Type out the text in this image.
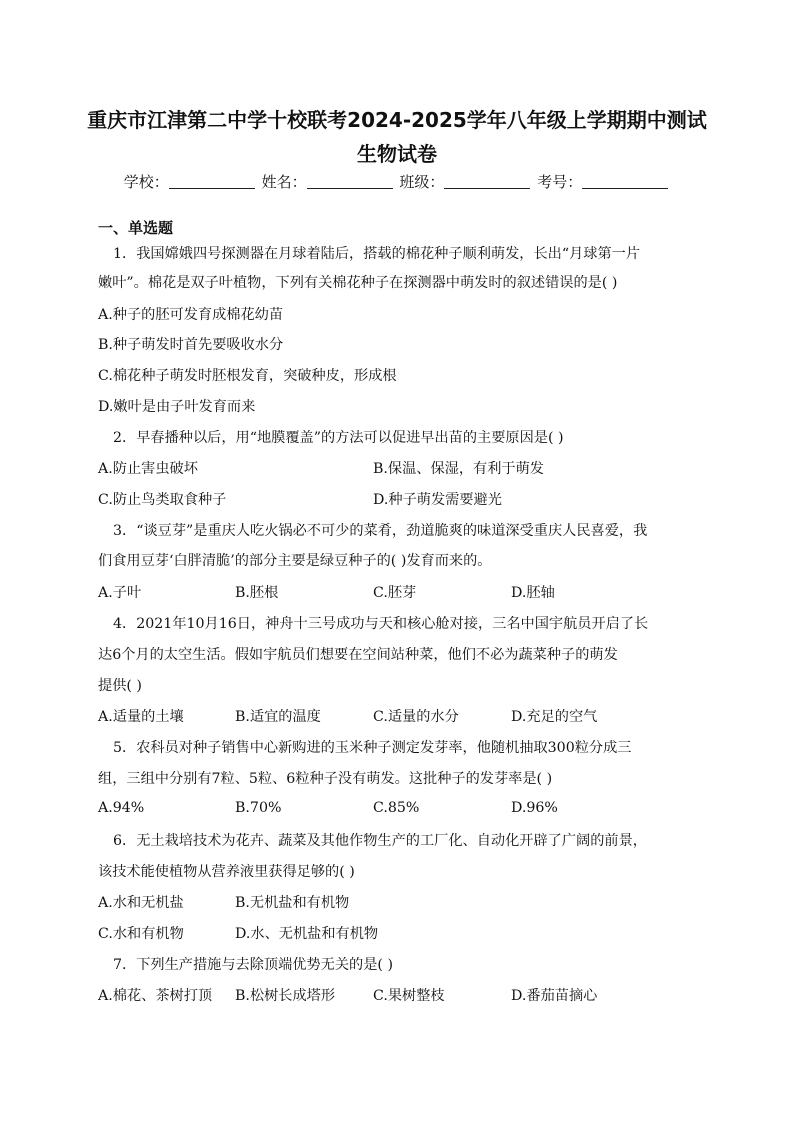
重庆市江津第二中学十校联考2024-2025学年八年级上学期期中测试
生物试卷
学校：	姓名：	班级：	考号：
一、单选题
1．我国嫦娥四号探测器在月球着陆后，搭载的棉花种子顺利萌发，长出“月球第一片
嫩叶”。棉花是双子叶植物，下列有关棉花种子在探测器中萌发时的叙述错误的是( )
A.种子的胚可发育成棉花幼苗
B.种子萌发时首先要吸收水分
C.棉花种子萌发时胚根发育，突破种皮，形成根
D.嫩叶是由子叶发育而来
2．早春播种以后，用“地膜覆盖”的方法可以促进早出苗的主要原因是( )
A.防止害虫破坏	B.保温、保湿，有利于萌发
C.防止鸟类取食种子	D.种子萌发需要避光
3．“谈豆芽”是重庆人吃火锅必不可少的菜肴，劲道脆爽的味道深受重庆人民喜爱，我
们食用豆芽‘白胖清脆’的部分主要是绿豆种子的( )发育而来的。
A.子叶	B.胚根	C.胚芽	D.胚轴
4．2021年10月16日，神舟十三号成功与天和核心舱对接，三名中国宇航员开启了长
达6个月的太空生活。假如宇航员们想要在空间站种菜，他们不必为蔬菜种子的萌发
提供( )
A.适量的土壤	B.适宜的温度	C.适量的水分	D.充足的空气
5．农科员对种子销售中心新购进的玉米种子测定发芽率，他随机抽取300粒分成三
组，三组中分别有7粒、5粒、6粒种子没有萌发。这批种子的发芽率是( )
A.94%	B.70%	C.85%	D.96%
6．无土栽培技术为花卉、蔬菜及其他作物生产的工厂化、自动化开辟了广阔的前景，
该技术能使植物从营养液里获得足够的( )
A.水和无机盐	B.无机盐和有机物
C.水和有机物	D.水、无机盐和有机物
7．下列生产措施与去除顶端优势无关的是( )
A.棉花、茶树打顶 B.松树长成塔形	C.果树整枝	D.番茄苗摘心
